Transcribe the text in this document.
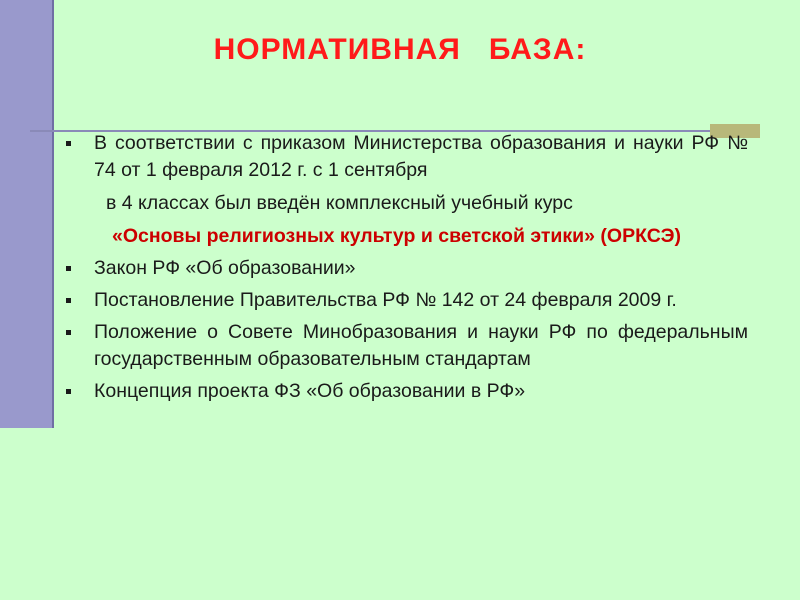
НОРМАТИВНАЯ   БАЗА:
В соответствии с приказом Министерства образования и науки РФ № 74 от 1 февраля 2012 г. с 1 сентября
в 4 классах был введён комплексный учебный курс
«Основы религиозных культур и светской этики» (ОРКСЭ)
Закон РФ «Об образовании»
Постановление Правительства РФ № 142 от 24 февраля 2009 г.
Положение о Совете Минобразования и науки РФ по федеральным государственным образовательным стандартам
Концепция проекта ФЗ «Об образовании в РФ»
